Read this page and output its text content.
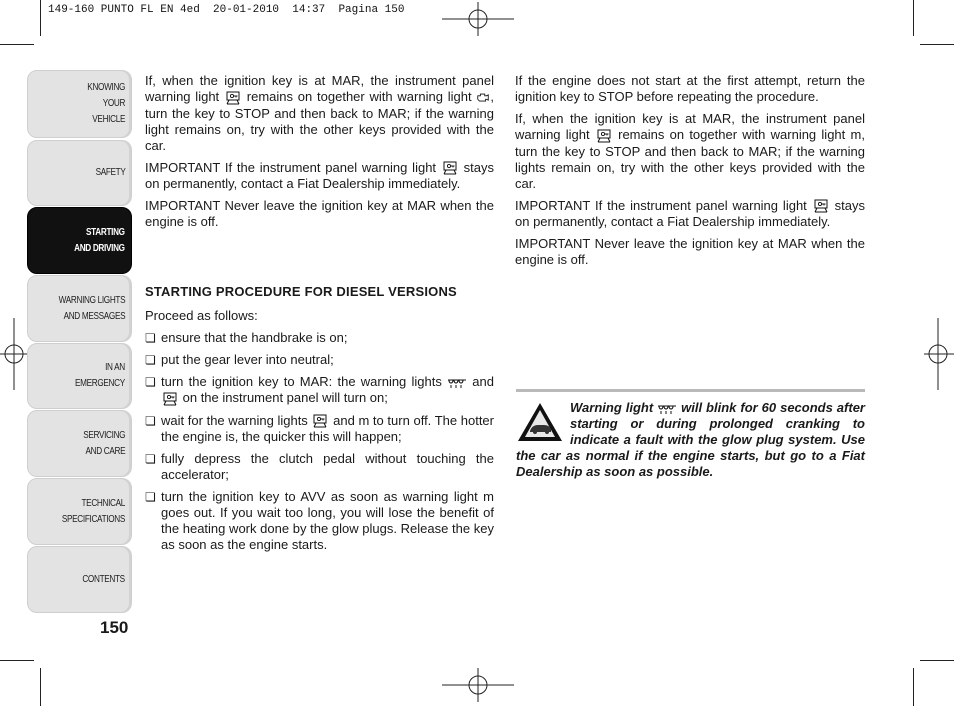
149-160 PUNTO FL EN 4ed  20-01-2010  14:37  Pagina 150
KNOWING
YOUR
VEHICLE
SAFETY
STARTING
AND DRIVING
WARNING LIGHTS
AND MESSAGES
IN AN
EMERGENCY
SERVICING
AND CARE
TECHNICAL
SPECIFICATIONS
CONTENTS
150

If, when the ignition key is at MAR, the instrument panel warning light remains on together with warning light , turn the key to STOP and then back to MAR; if the warning light remains on, try with the other keys provided with the car.

IMPORTANT If the instrument panel warning light stays on permanently, contact a Fiat Dealership immediately.

IMPORTANT Never leave the ignition key at MAR when the engine is off.

STARTING PROCEDURE FOR DIESEL VERSIONS

Proceed as follows:

❏ ensure that the handbrake is on;
❏ put the gear lever into neutral;
❏ turn the ignition key to MAR: the warning lights and  on the instrument panel will turn on;
❏ wait for the warning lights and m to turn off. The hotter the engine is, the quicker this will happen;
❏ fully depress the clutch pedal without touching the accelerator;
❏ turn the ignition key to AVV as soon as warning light m goes out. If you wait too long, you will lose the benefit of the heating work done by the glow plugs. Release the key as soon as the engine starts.

If the engine does not start at the first attempt, return the ignition key to STOP before repeating the procedure.

If, when the ignition key is at MAR, the instrument panel warning light remains on together with warning light m, turn the key to STOP and then back to MAR; if the warning lights remain on, try with the other keys provided with the car.

IMPORTANT If the instrument panel warning light stays on permanently, contact a Fiat Dealership immediately.

IMPORTANT Never leave the ignition key at MAR when the engine is off.

Warning light will blink for 60 seconds after starting or during prolonged cranking to indicate a fault with the glow plug system. Use the car as normal if the engine starts, but go to a Fiat Dealership as soon as possible.
